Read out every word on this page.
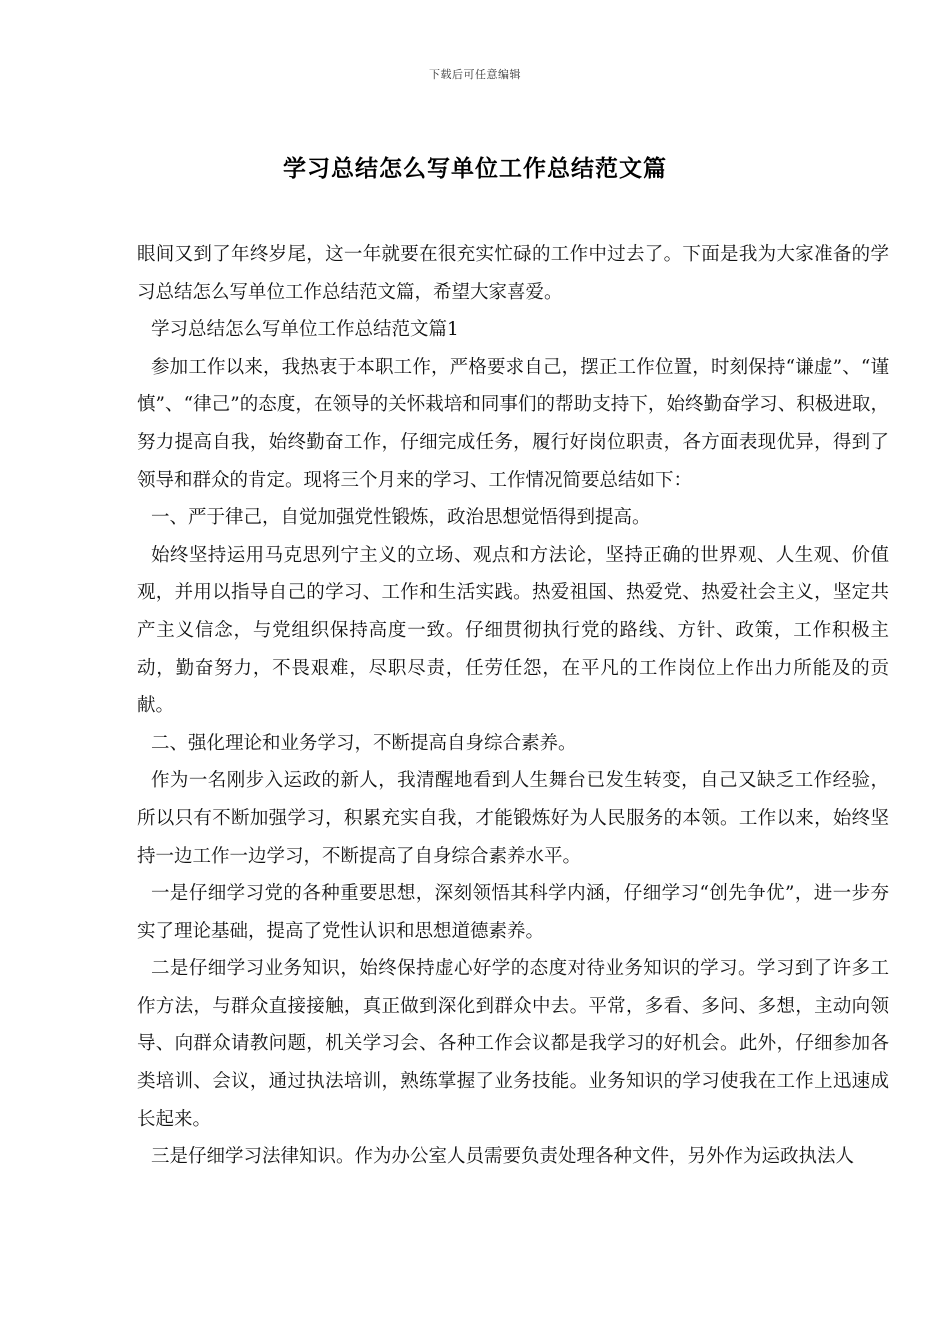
下载后可任意编辑
学习总结怎么写单位工作总结范文篇

眼间又到了年终岁尾，这一年就要在很充实忙碌的工作中过去了。下面是我为大家准备的学习总结怎么写单位工作总结范文篇，希望大家喜爱。

学习总结怎么写单位工作总结范文篇1

参加工作以来，我热衷于本职工作，严格要求自己，摆正工作位置，时刻保持“谦虚”、“谨慎”、“律己”的态度，在领导的关怀栽培和同事们的帮助支持下，始终勤奋学习、积极进取，努力提高自我，始终勤奋工作，仔细完成任务，履行好岗位职责，各方面表现优异，得到了领导和群众的肯定。现将三个月来的学习、工作情况简要总结如下：

一、严于律己，自觉加强党性锻炼，政治思想觉悟得到提高。

始终坚持运用马克思列宁主义的立场、观点和方法论，坚持正确的世界观、人生观、价值观，并用以指导自己的学习、工作和生活实践。热爱祖国、热爱党、热爱社会主义，坚定共产主义信念，与党组织保持高度一致。仔细贯彻执行党的路线、方针、政策，工作积极主动，勤奋努力，不畏艰难，尽职尽责，任劳任怨，在平凡的工作岗位上作出力所能及的贡献。

二、强化理论和业务学习，不断提高自身综合素养。

作为一名刚步入运政的新人，我清醒地看到人生舞台已发生转变，自己又缺乏工作经验，所以只有不断加强学习，积累充实自我，才能锻炼好为人民服务的本领。工作以来，始终坚持一边工作一边学习，不断提高了自身综合素养水平。

一是仔细学习党的各种重要思想，深刻领悟其科学内涵，仔细学习“创先争优”，进一步夯实了理论基础，提高了党性认识和思想道德素养。

二是仔细学习业务知识，始终保持虚心好学的态度对待业务知识的学习。学习到了许多工作方法，与群众直接接触，真正做到深化到群众中去。平常，多看、多问、多想，主动向领导、向群众请教问题，机关学习会、各种工作会议都是我学习的好机会。此外，仔细参加各类培训、会议，通过执法培训，熟练掌握了业务技能。业务知识的学习使我在工作上迅速成长起来。

三是仔细学习法律知识。作为办公室人员需要负责处理各种文件，另外作为运政执法人
